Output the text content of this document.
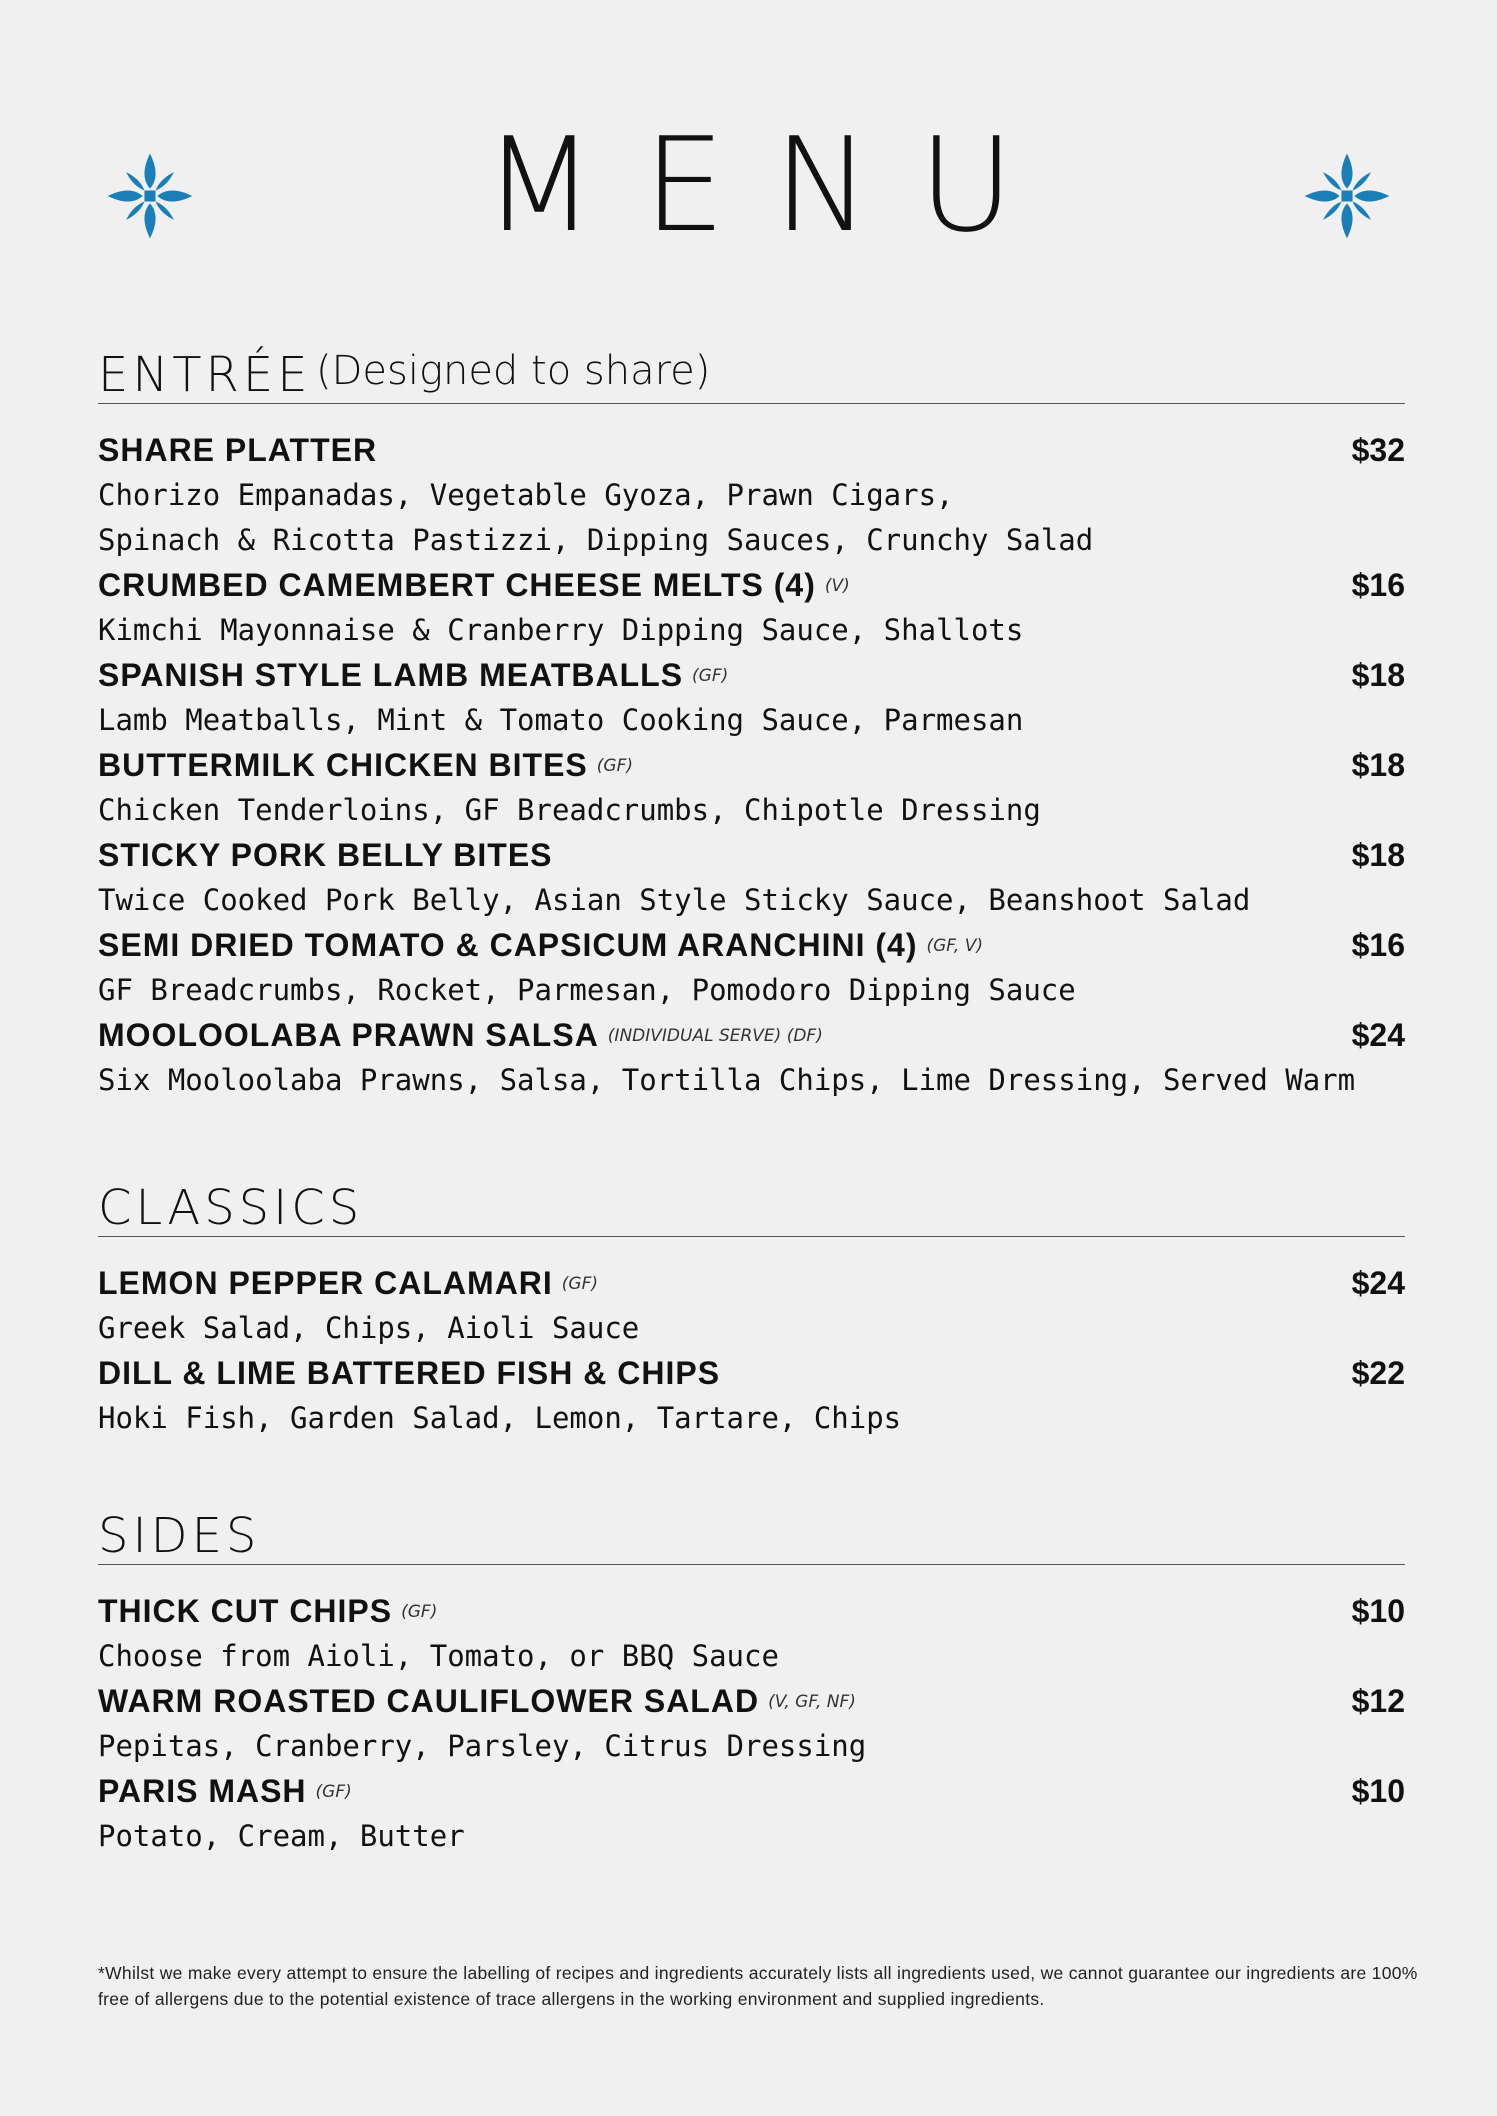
MENU
ENTRÉE (Designed to share)
SHARE PLATTER	$32
Chorizo Empanadas, Vegetable Gyoza, Prawn Cigars,
Spinach & Ricotta Pastizzi, Dipping Sauces, Crunchy Salad
CRUMBED CAMEMBERT CHEESE MELTS (4) (V)	$16
Kimchi Mayonnaise & Cranberry Dipping Sauce, Shallots
SPANISH STYLE LAMB MEATBALLS (GF)	$18
Lamb Meatballs, Mint & Tomato Cooking Sauce, Parmesan
BUTTERMILK CHICKEN BITES (GF)	$18
Chicken Tenderloins, GF Breadcrumbs, Chipotle Dressing
STICKY PORK BELLY BITES	$18
Twice Cooked Pork Belly, Asian Style Sticky Sauce, Beanshoot Salad
SEMI DRIED TOMATO & CAPSICUM ARANCHINI (4) (GF, V)	$16
GF Breadcrumbs, Rocket, Parmesan, Pomodoro Dipping Sauce
MOOLOOLABA PRAWN SALSA (INDIVIDUAL SERVE) (DF)	$24
Six Mooloolaba Prawns, Salsa, Tortilla Chips, Lime Dressing, Served Warm
CLASSICS
LEMON PEPPER CALAMARI (GF)	$24
Greek Salad, Chips, Aioli Sauce
DILL & LIME BATTERED FISH & CHIPS	$22
Hoki Fish, Garden Salad, Lemon, Tartare, Chips
SIDES
THICK CUT CHIPS (GF)	$10
Choose from Aioli, Tomato, or BBQ Sauce
WARM ROASTED CAULIFLOWER SALAD (V, GF, NF)	$12
Pepitas, Cranberry, Parsley, Citrus Dressing
PARIS MASH (GF)	$10
Potato, Cream, Butter
*Whilst we make every attempt to ensure the labelling of recipes and ingredients accurately lists all ingredients used, we cannot guarantee our ingredients are 100% free of allergens due to the potential existence of trace allergens in the working environment and supplied ingredients.
